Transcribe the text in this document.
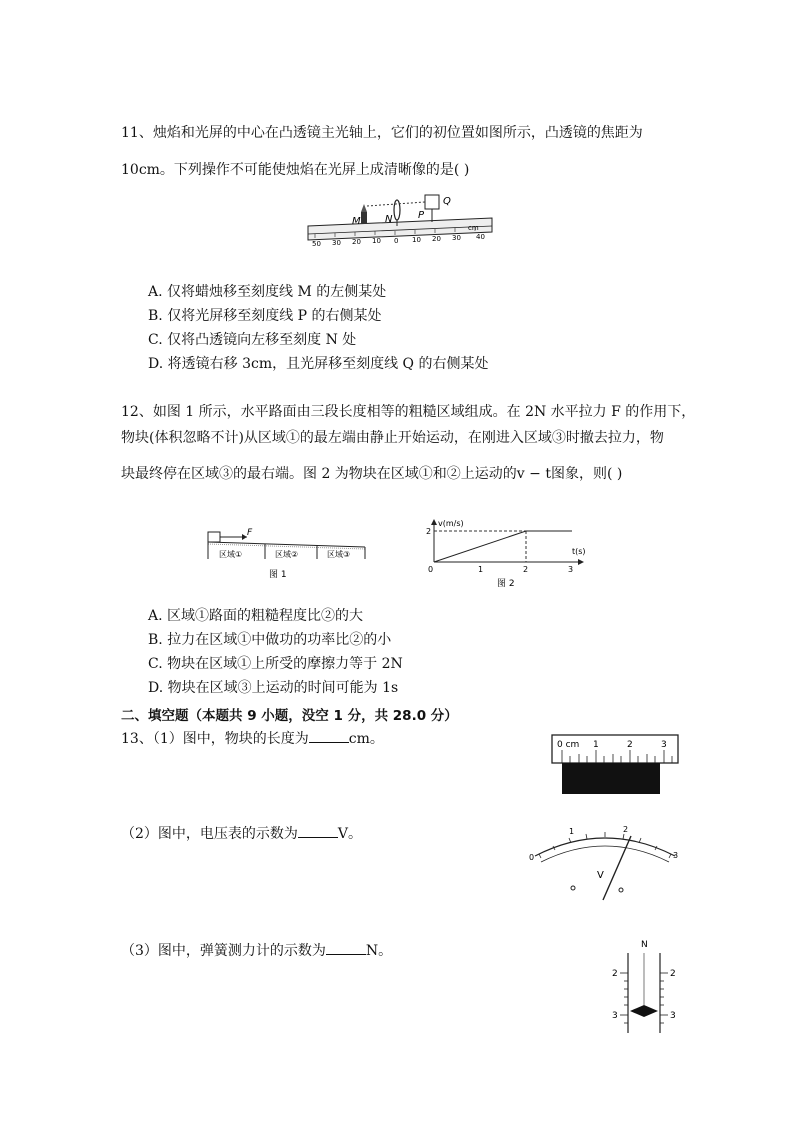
11、烛焰和光屏的中心在凸透镜主光轴上，它们的初位置如图所示，凸透镜的焦距为
10cm。下列操作不可能使烛焰在光屏上成清晰像的是( )
M N	P
Q
50 30 20 10 0 10 20 30 40
cm
A. 仅将蜡烛移至刻度线 M 的左侧某处
B. 仅将光屏移至刻度线 P 的右侧某处
C. 仅将凸透镜向左移至刻度 N 处
D. 将透镜右移 3cm，且光屏移至刻度线 Q 的右侧某处
12、如图 1 所示，水平路面由三段长度相等的粗糙区域组成。在 2N 水平拉力 F 的作用下，
物块(体积忽略不计)从区域①的最左端由静止开始运动，在刚进入区域③时撤去拉力，物
块最终停在区域③的最右端。图 2 为物块在区域①和②上运动的v − t图象，则( )
F
区域①	区域②	区域③
图 1
v(m/s)
t(s)
2
0	1	2	3
图 2
A. 区域①路面的粗糙程度比②的大
B. 拉力在区域①中做功的功率比②的小
C. 物块在区域①上所受的摩擦力等于 2N
D. 物块在区域③上运动的时间可能为 1s
二、填空题（本题共 9 小题，没空 1 分，共 28.0 分）
13、（1）图中，物块的长度为	cm。	0 cm 1	2	3
（2）图中，电压表的示数为	V。
0
1	2
3
V
（3）图中，弹簧测力计的示数为	N。	N
2	2
3	3
